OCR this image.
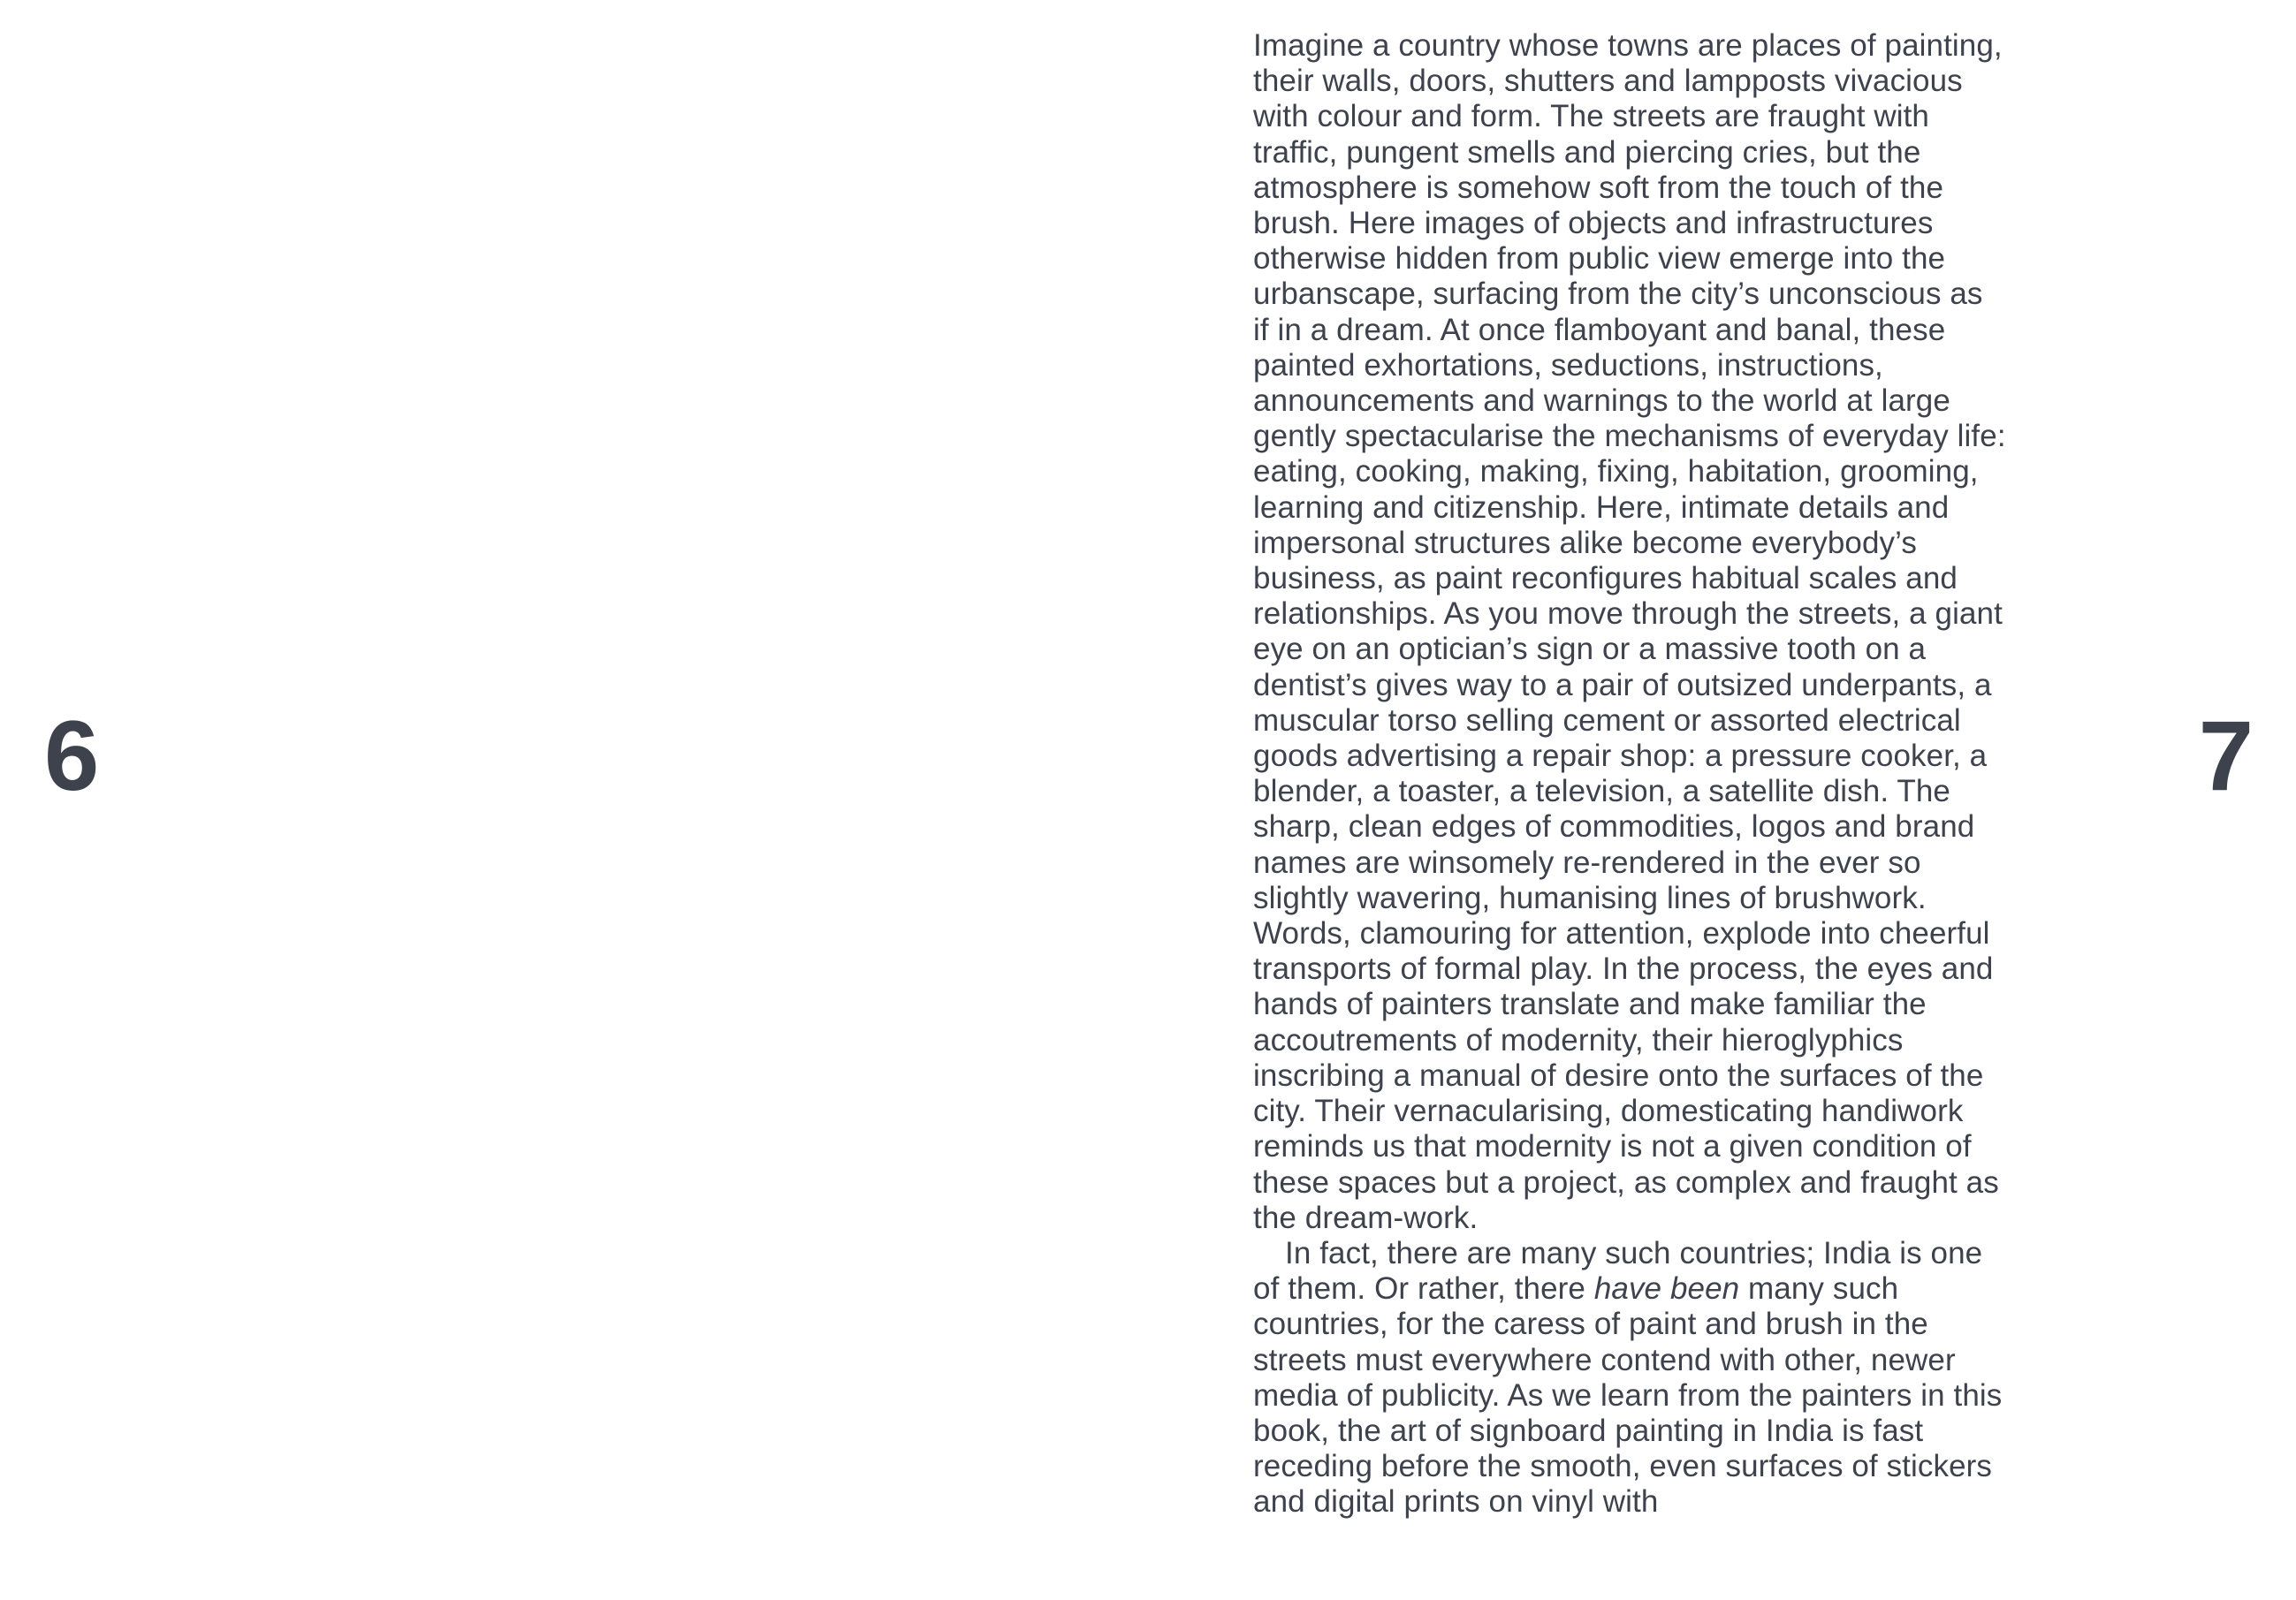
6	7

Imagine a country whose towns are places of painting, their walls, doors, shutters and lampposts vivacious with colour and form. The streets are fraught with traffic, pungent smells and piercing cries, but the atmosphere is somehow soft from the touch of the brush. Here images of objects and infrastructures otherwise hidden from public view emerge into the urbanscape, surfacing from the city’s unconscious as if in a dream. At once flamboyant and banal, these painted exhortations, seductions, instructions, announcements and warnings to the world at large gently spectacularise the mechanisms of everyday life: eating, cooking, making, fixing, habitation, grooming, learning and citizenship. Here, intimate details and impersonal structures alike become everybody’s business, as paint reconfigures habitual scales and relationships. As you move through the streets, a giant eye on an optician’s sign or a massive tooth on a dentist’s gives way to a pair of outsized underpants, a muscular torso selling cement or assorted electrical goods advertising a repair shop: a pressure cooker, a blender, a toaster, a television, a satellite dish. The sharp, clean edges of commodities, logos and brand names are winsomely re-rendered in the ever so slightly wavering, humanising lines of brushwork. Words, clamouring for attention, explode into cheerful transports of formal play. In the process, the eyes and hands of painters translate and make familiar the accoutrements of modernity, their hieroglyphics inscribing a manual of desire onto the surfaces of the city. Their vernacularising, domesticating handiwork reminds us that modernity is not a given condition of these spaces but a project, as complex and fraught as the dream-work.

In fact, there are many such countries; India is one of them. Or rather, there have been many such countries, for the caress of paint and brush in the streets must everywhere contend with other, newer media of publicity. As we learn from the painters in this book, the art of signboard painting in India is fast receding before the smooth, even surfaces of stickers and digital prints on vinyl with
